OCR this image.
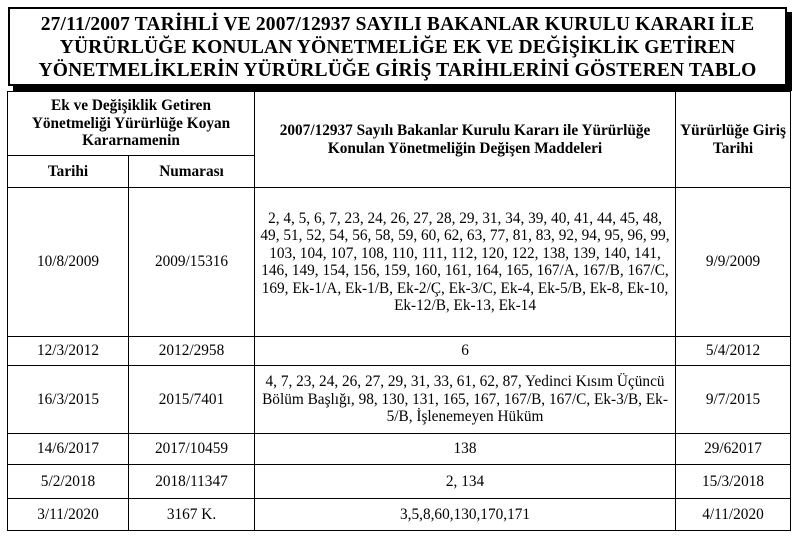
27/11/2007 TARİHLİ VE 2007/12937 SAYILI BAKANLAR KURULU KARARI İLE
YÜRÜRLÜĞE KONULAN YÖNETMELİĞE EK VE DEĞİŞİKLİK GETİREN
YÖNETMELİKLERİN YÜRÜRLÜĞE GİRİŞ TARİHLERİNİ GÖSTEREN TABLO
Ek ve Değişiklik Getiren Yönetmeliği Yürürlüğe Koyan Kararnamenin		2007/12937 Sayılı Bakanlar Kurulu Kararı ile Yürürlüğe Konulan Yönetmeliğin Değişen Maddeleri	Yürürlüğe Giriş Tarihi
Tarihi	Numarası		
10/8/2009	2009/15316	2, 4, 5, 6, 7, 23, 24, 26, 27, 28, 29, 31, 34, 39, 40, 41, 44, 45, 48, 49, 51, 52, 54, 56, 58, 59, 60, 62, 63, 77, 81, 83, 92, 94, 95, 96, 99, 103, 104, 107, 108, 110, 111, 112, 120, 122, 138, 139, 140, 141, 146, 149, 154, 156, 159, 160, 161, 164, 165, 167/A, 167/B, 167/C, 169, Ek-1/A, Ek-1/B, Ek-2/Ç, Ek-3/C, Ek-4, Ek-5/B, Ek-8, Ek-10, Ek-12/B, Ek-13, Ek-14	9/9/2009
12/3/2012	2012/2958	6	5/4/2012
16/3/2015	2015/7401	4, 7, 23, 24, 26, 27, 29, 31, 33, 61, 62, 87, Yedinci Kısım Üçüncü Bölüm Başlığı, 98, 130, 131, 165, 167, 167/B, 167/C, Ek-3/B, Ek-5/B, İşlenemeyen Hüküm	9/7/2015
14/6/2017	2017/10459	138	29/62017
5/2/2018	2018/11347	2, 134	15/3/2018
3/11/2020	3167 K.	3,5,8,60,130,170,171	4/11/2020
